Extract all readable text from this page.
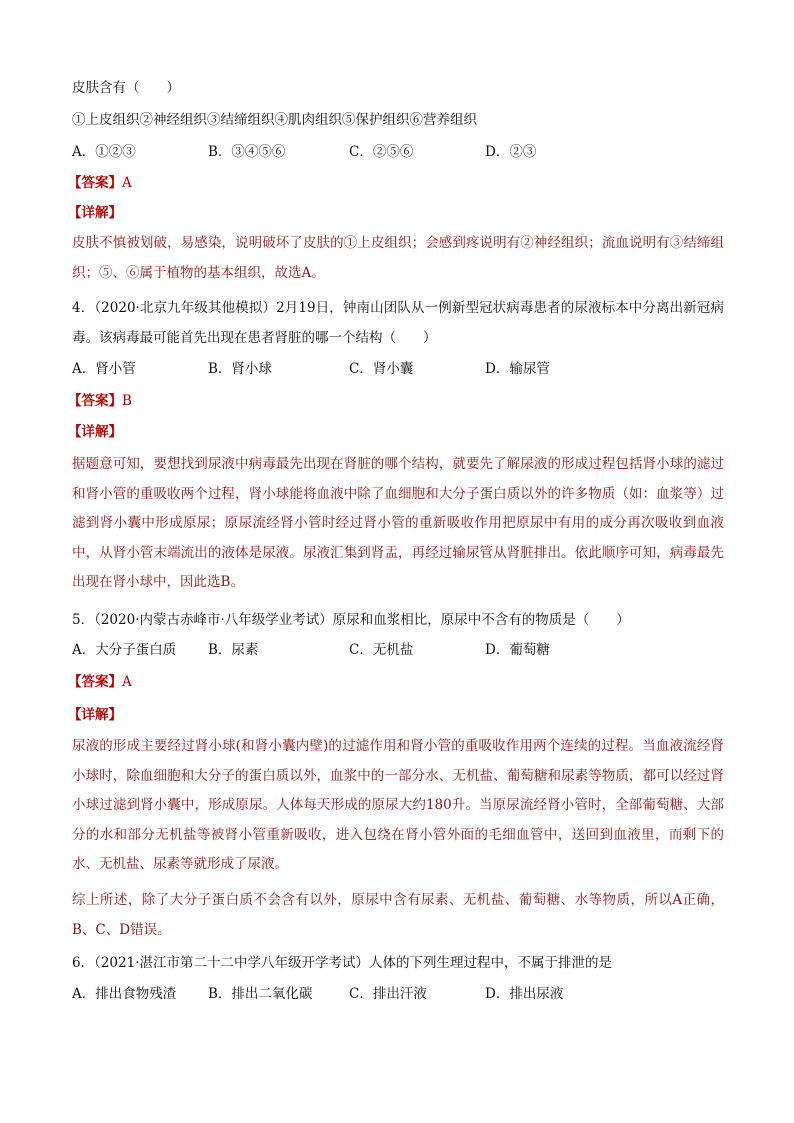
皮肤含有（　　）
①上皮组织②神经组织③结缔组织④肌肉组织⑤保护组织⑥营养组织
A．①②③	B．③④⑤⑥	C．②⑤⑥	D．②③
【答案】A
【详解】
皮肤不慎被划破，易感染，说明破坏了皮肤的①上皮组织；会感到疼说明有②神经组织；流血说明有③结缔组织；⑤、⑥属于植物的基本组织，故选A。
4．（2020·北京九年级其他模拟）2月19日，钟南山团队从一例新型冠状病毒患者的尿液标本中分离出新冠病毒。该病毒最可能首先出现在患者肾脏的哪一个结构（　　）
A．肾小管	B．肾小球	C．肾小囊	D．输尿管
【答案】B
【详解】
据题意可知，要想找到尿液中病毒最先出现在肾脏的哪个结构，就要先了解尿液的形成过程包括肾小球的滤过和肾小管的重吸收两个过程，肾小球能将血液中除了血细胞和大分子蛋白质以外的许多物质（如：血浆等）过滤到肾小囊中形成原尿；原尿流经肾小管时经过肾小管的重新吸收作用把原尿中有用的成分再次吸收到血液中，从肾小管末端流出的液体是尿液。尿液汇集到肾盂，再经过输尿管从肾脏排出。依此顺序可知，病毒最先出现在肾小球中，因此选B。
5．（2020·内蒙古赤峰市·八年级学业考试）原尿和血浆相比，原尿中不含有的物质是（　　）
A．大分子蛋白质 B．尿素	C．无机盐	D．葡萄糖
【答案】A
【详解】
尿液的形成主要经过肾小球(和肾小囊内壁)的过滤作用和肾小管的重吸收作用两个连续的过程。当血液流经肾小球时，除血细胞和大分子的蛋白质以外，血浆中的一部分水、无机盐、葡萄糖和尿素等物质，都可以经过肾小球过滤到肾小囊中，形成原尿。人体每天形成的原尿大约180升。当原尿流经肾小管时，全部葡萄糖、大部分的水和部分无机盐等被肾小管重新吸收，进入包绕在肾小管外面的毛细血管中，送回到血液里，而剩下的水、无机盐、尿素等就形成了尿液。
综上所述，除了大分子蛋白质不会含有以外，原尿中含有尿素、无机盐、葡萄糖、水等物质，所以A正确，B、C、D错误。
6．（2021·湛江市第二十二中学八年级开学考试）人体的下列生理过程中，不属于排泄的是
A．排出食物残渣 B．排出二氧化碳	C．排出汗液	D．排出尿液
